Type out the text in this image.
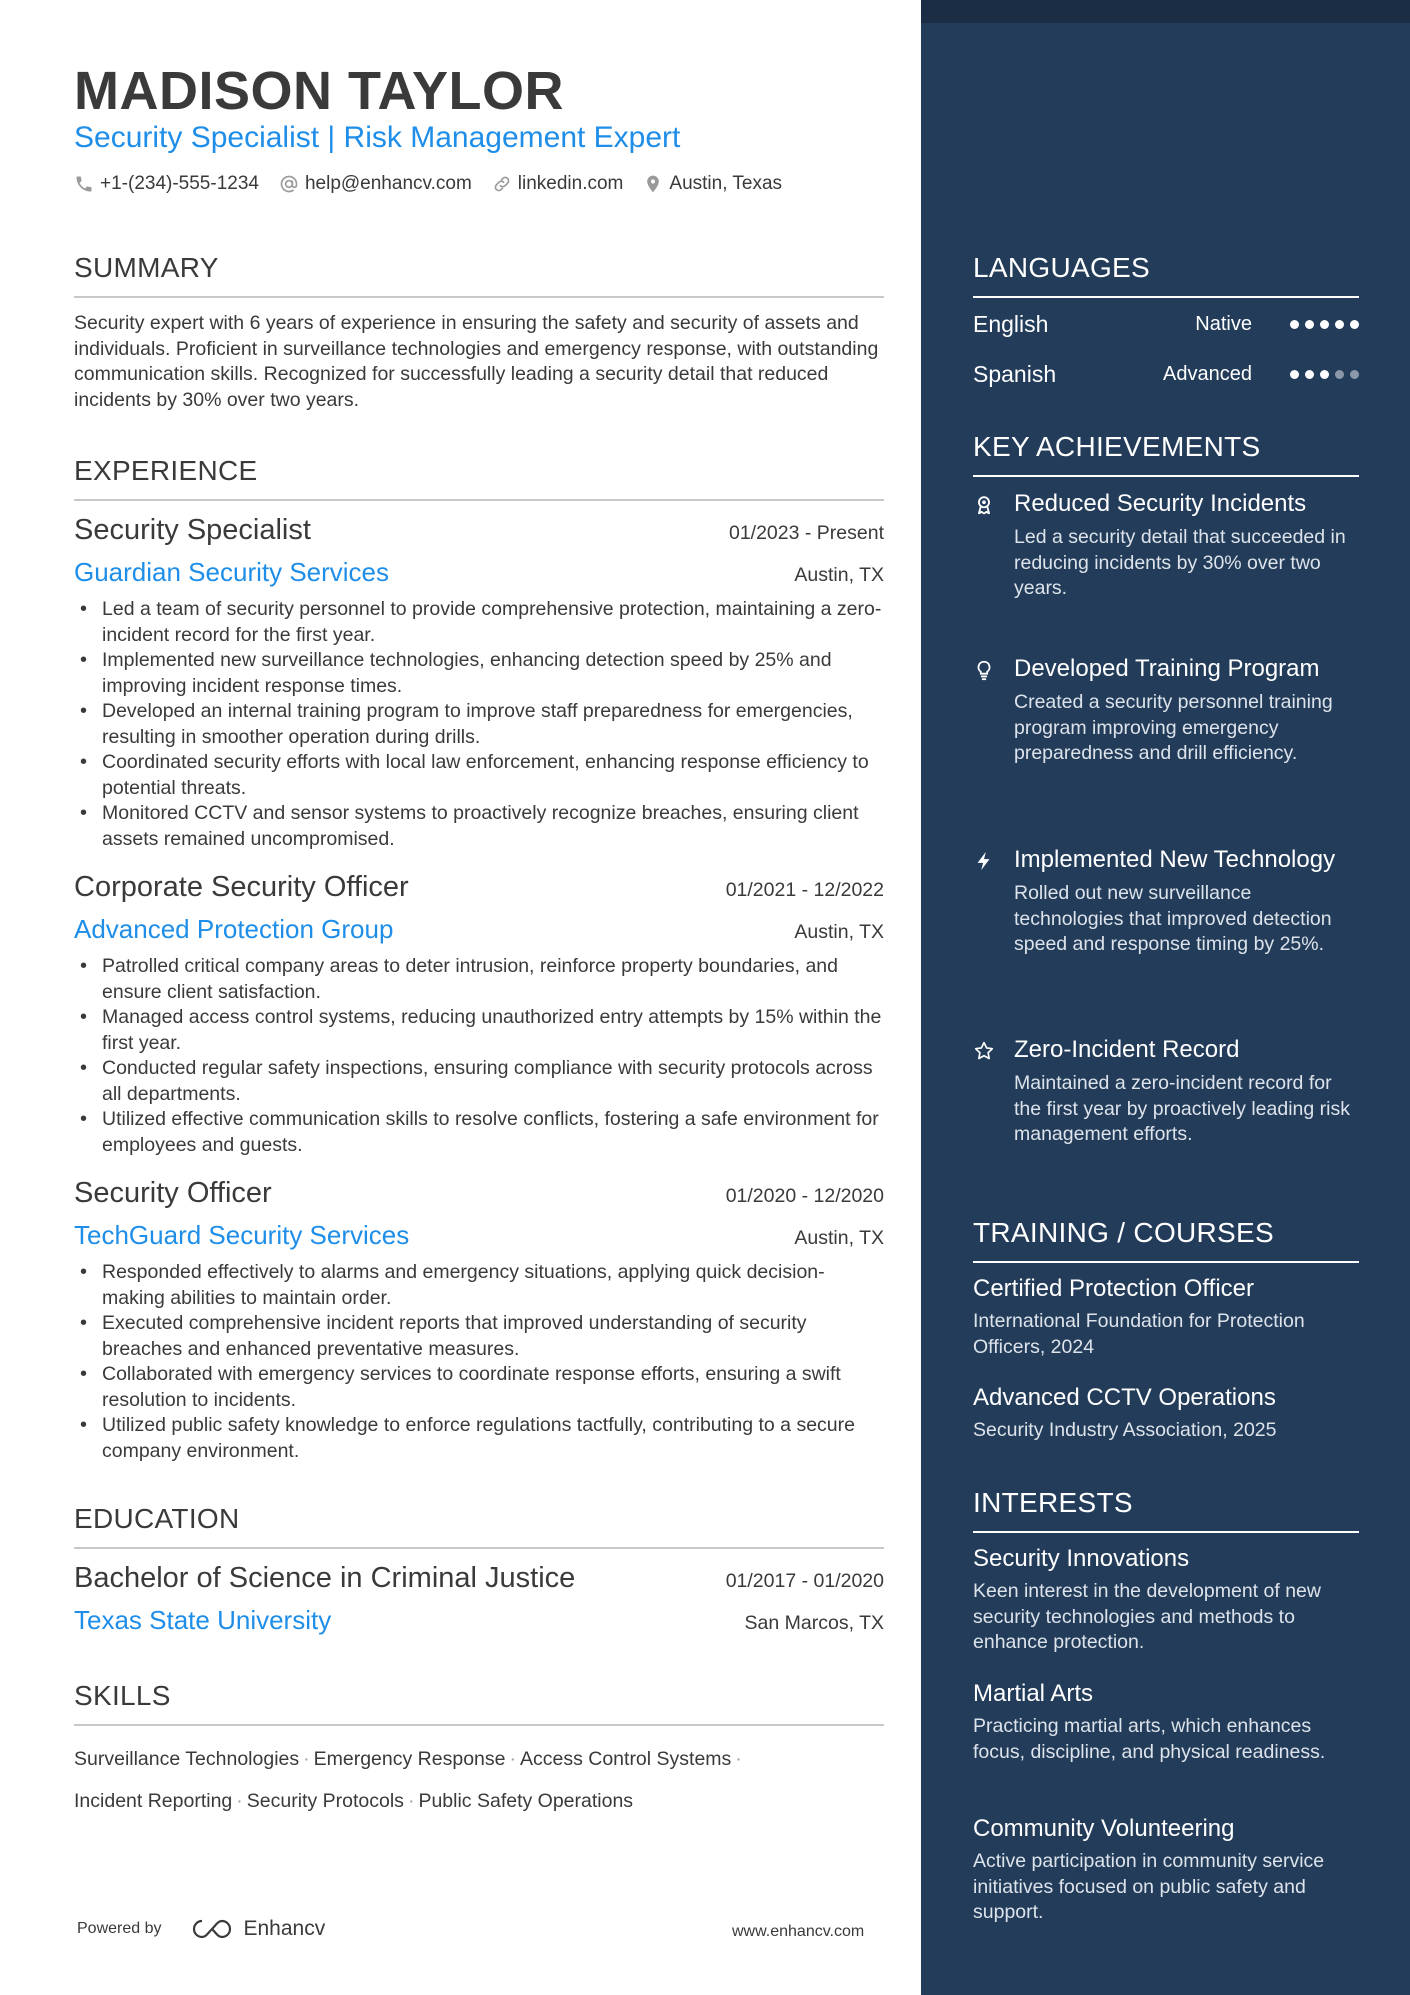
MADISON TAYLOR
Security Specialist | Risk Management Expert
+1-(234)-555-1234 help@enhancv.com linkedin.com Austin, Texas
SUMMARY
Security expert with 6 years of experience in ensuring the safety and security of assets and individuals. Proficient in surveillance technologies and emergency response, with outstanding communication skills. Recognized for successfully leading a security detail that reduced incidents by 30% over two years.
EXPERIENCE
Security Specialist	01/2023 - Present
Guardian Security Services	Austin, TX
• Led a team of security personnel to provide comprehensive protection, maintaining a zero-incident record for the first year.
• Implemented new surveillance technologies, enhancing detection speed by 25% and improving incident response times.
• Developed an internal training program to improve staff preparedness for emergencies, resulting in smoother operation during drills.
• Coordinated security efforts with local law enforcement, enhancing response efficiency to potential threats.
• Monitored CCTV and sensor systems to proactively recognize breaches, ensuring client assets remained uncompromised.
Corporate Security Officer	01/2021 - 12/2022
Advanced Protection Group	Austin, TX
• Patrolled critical company areas to deter intrusion, reinforce property boundaries, and ensure client satisfaction.
• Managed access control systems, reducing unauthorized entry attempts by 15% within the first year.
• Conducted regular safety inspections, ensuring compliance with security protocols across all departments.
• Utilized effective communication skills to resolve conflicts, fostering a safe environment for employees and guests.
Security Officer	01/2020 - 12/2020
TechGuard Security Services	Austin, TX
• Responded effectively to alarms and emergency situations, applying quick decision-making abilities to maintain order.
• Executed comprehensive incident reports that improved understanding of security breaches and enhanced preventative measures.
• Collaborated with emergency services to coordinate response efforts, ensuring a swift resolution to incidents.
• Utilized public safety knowledge to enforce regulations tactfully, contributing to a secure company environment.
EDUCATION
Bachelor of Science in Criminal Justice	01/2017 - 01/2020
Texas State University	San Marcos, TX
SKILLS
Surveillance Technologies · Emergency Response · Access Control Systems ·
Incident Reporting · Security Protocols · Public Safety Operations
Powered by	Enhancv	www.enhancv.com
LANGUAGES
English	Native
Spanish	Advanced
KEY ACHIEVEMENTS
Reduced Security Incidents
Led a security detail that succeeded in reducing incidents by 30% over two years.
Developed Training Program
Created a security personnel training program improving emergency preparedness and drill efficiency.
Implemented New Technology
Rolled out new surveillance technologies that improved detection speed and response timing by 25%.
Zero-Incident Record
Maintained a zero-incident record for the first year by proactively leading risk management efforts.
TRAINING / COURSES
Certified Protection Officer
International Foundation for Protection Officers, 2024
Advanced CCTV Operations
Security Industry Association, 2025
INTERESTS
Security Innovations
Keen interest in the development of new security technologies and methods to enhance protection.
Martial Arts
Practicing martial arts, which enhances focus, discipline, and physical readiness.
Community Volunteering
Active participation in community service initiatives focused on public safety and support.
